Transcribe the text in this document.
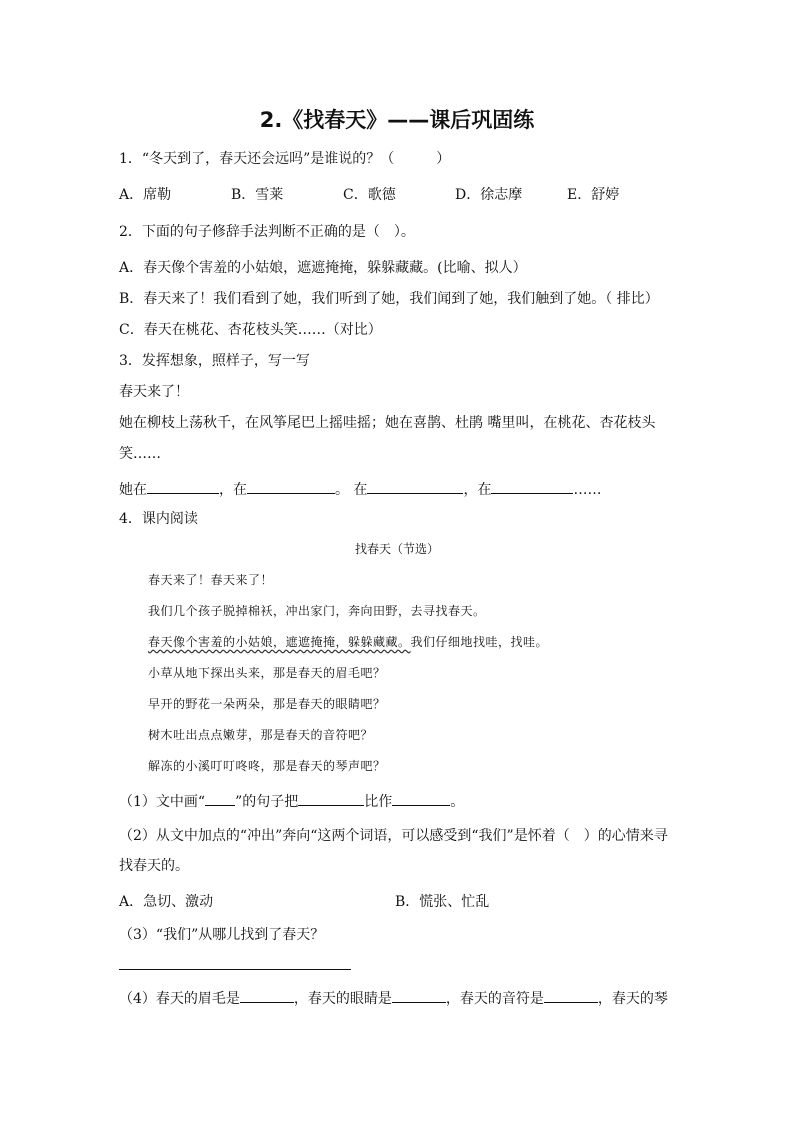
2.《找春天》——课后巩固练
1．“冬天到了，春天还会远吗”是谁说的？（　　　）
A．席勒	B．雪莱	C．歌德	D．徐志摩	E．舒婷
2．下面的句子修辞手法判断不正确的是（　）。
A．春天像个害羞的小姑娘，遮遮掩掩，躲躲藏藏。(比喻、拟人）
B．春天来了！我们看到了她，我们听到了她，我们闻到了她，我们触到了她。（ 排比）
C．春天在桃花、杏花枝头笑……（对比）
3．发挥想象，照样子，写一写
春天来了！
她在柳枝上荡秋千，在风筝尾巴上摇哇摇；她在喜鹊、杜鹃 嘴里叫，在桃花、杏花枝头
笑……
她在	，在	。 在	，在	……
4．课内阅读
找春天（节选）
春天来了！春天来了！
我们几个孩子脱掉棉袄，冲出家门，奔向田野，去寻找春天。
春天像个害羞的小姑娘，遮遮掩掩，躲躲藏藏。我们仔细地找哇，找哇。
小草从地下探出头来，那是春天的眉毛吧？
早开的野花一朵两朵，那是春天的眼睛吧？
树木吐出点点嫩芽，那是春天的音符吧？
解冻的小溪叮叮咚咚，那是春天的琴声吧？
（1）文中画“ ”的句子把	比作	。
（2）从文中加点的“冲出”奔向“这两个词语，可以感受到“我们”是怀着（　）的心情来寻
找春天的。
A．急切、激动	B．慌张、忙乱
（3）“我们”从哪儿找到了春天？
（4）春天的眉毛是	，春天的眼睛是	，春天的音符是	，春天的琴
